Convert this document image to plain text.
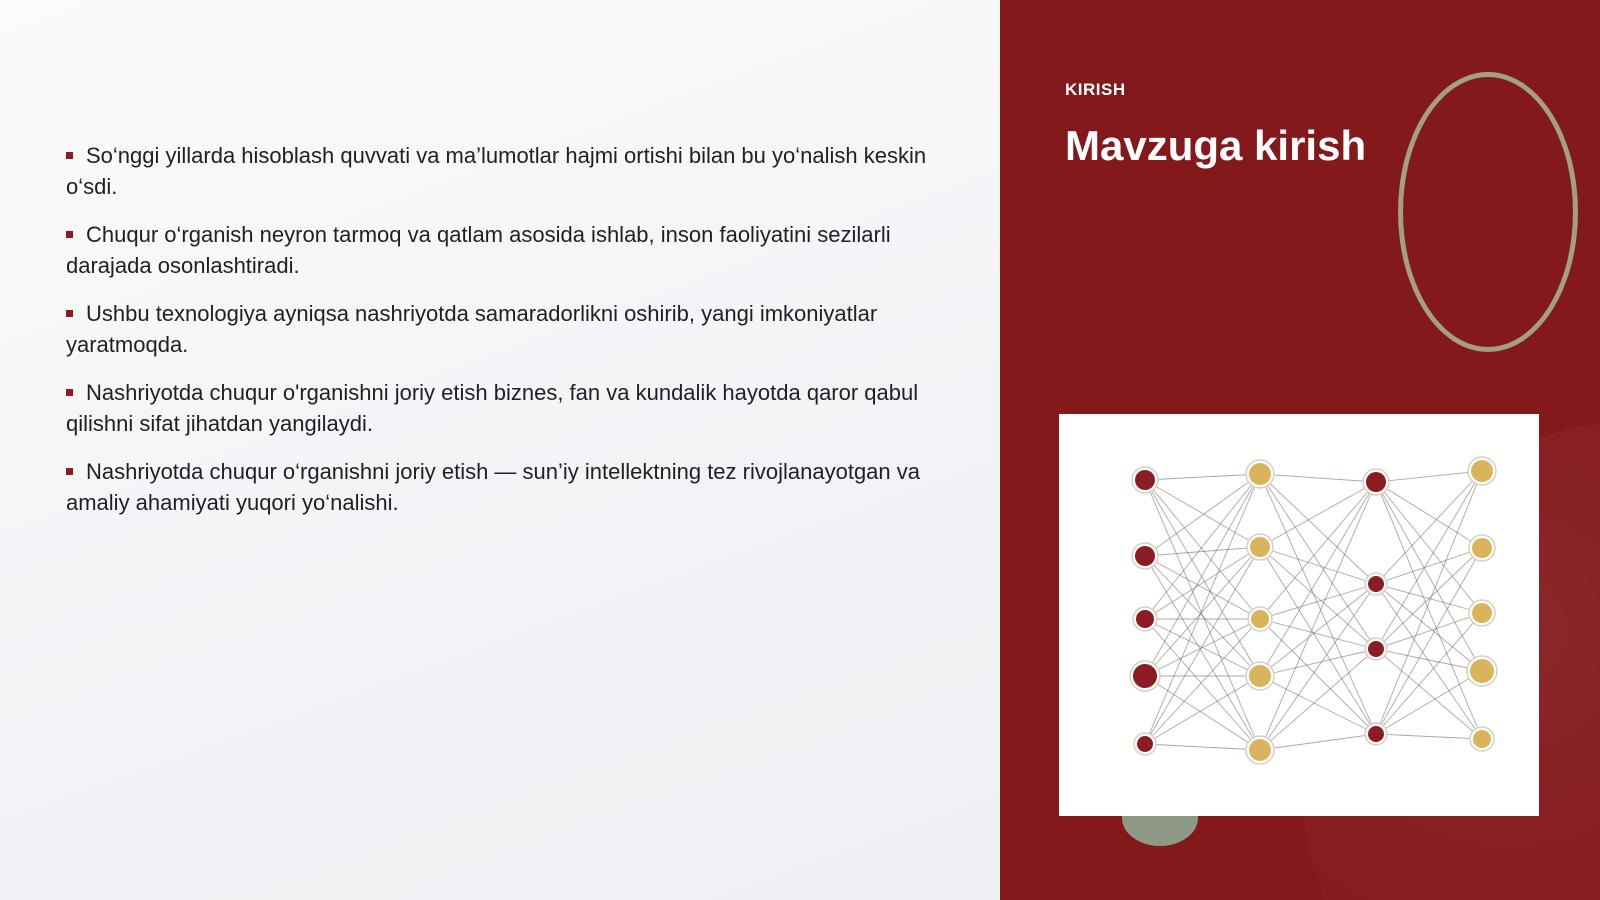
So‘nggi yillarda hisoblash quvvati va ma’lumotlar hajmi ortishi bilan bu yo‘nalish keskin o‘sdi.
Chuqur o‘rganish neyron tarmoq va qatlam asosida ishlab, inson faoliyatini sezilarli darajada osonlashtiradi.
Ushbu texnologiya ayniqsa nashriyotda samaradorlikni oshirib, yangi imkoniyatlar yaratmoqda.
Nashriyotda chuqur o'rganishni joriy etish biznes, fan va kundalik hayotda qaror qabul qilishni sifat jihatdan yangilaydi.
Nashriyotda chuqur o‘rganishni joriy etish — sun’iy intellektning tez rivojlanayotgan va amaliy ahamiyati yuqori yo‘nalishi.
KIRISH
Mavzuga kirish
